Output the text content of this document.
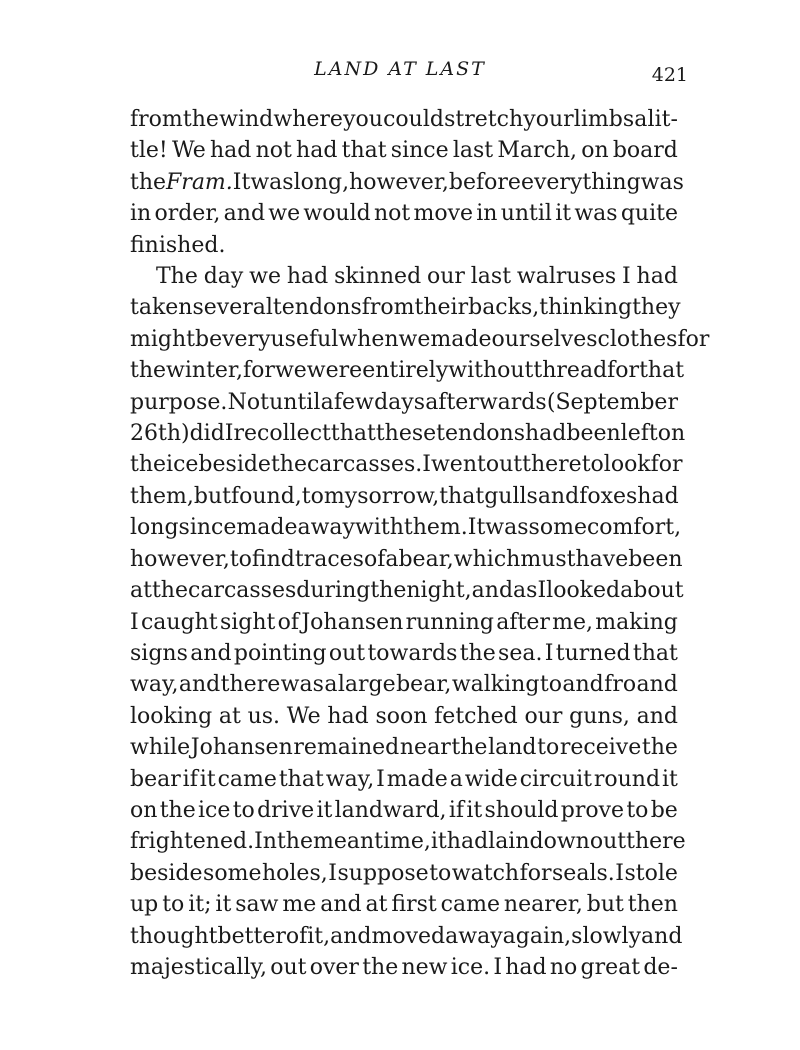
LAND AT LAST	421
from the wind where you could stretch your limbs a lit-
tle! We had not had that since last March, on board
the Fram. It was long, however, before everything was
in order, and we would not move in until it was quite
finished.
The day we had skinned our last walruses I had
taken several tendons from their backs, thinking they
might be very useful when we made ourselves clothes for
the winter, for we were entirely without thread for that
purpose. Not until a few days afterwards (September
26th) did I recollect that these tendons had been left on
the ice beside the carcasses. I went out there to look for
them, but found, to my sorrow, that gulls and foxes had
long since made away with them. It was some comfort,
however, to find traces of a bear, which must have been
at the carcasses during the night, and as I looked about
I caught sight of Johansen running after me, making
signs and pointing out towards the sea. I turned that
way, and there was a large bear, walking to and fro and
looking at us. We had soon fetched our guns, and
while Johansen remained near the land to receive the
bear if it came that way, I made a wide circuit round it
on the ice to drive it landward, if it should prove to be
frightened. In the meantime, it had lain down out there
beside some holes, I suppose to watch for seals. I stole
up to it; it saw me and at first came nearer, but then
thought better of it, and moved away again, slowly and
majestically, out over the new ice. I had no great de-
